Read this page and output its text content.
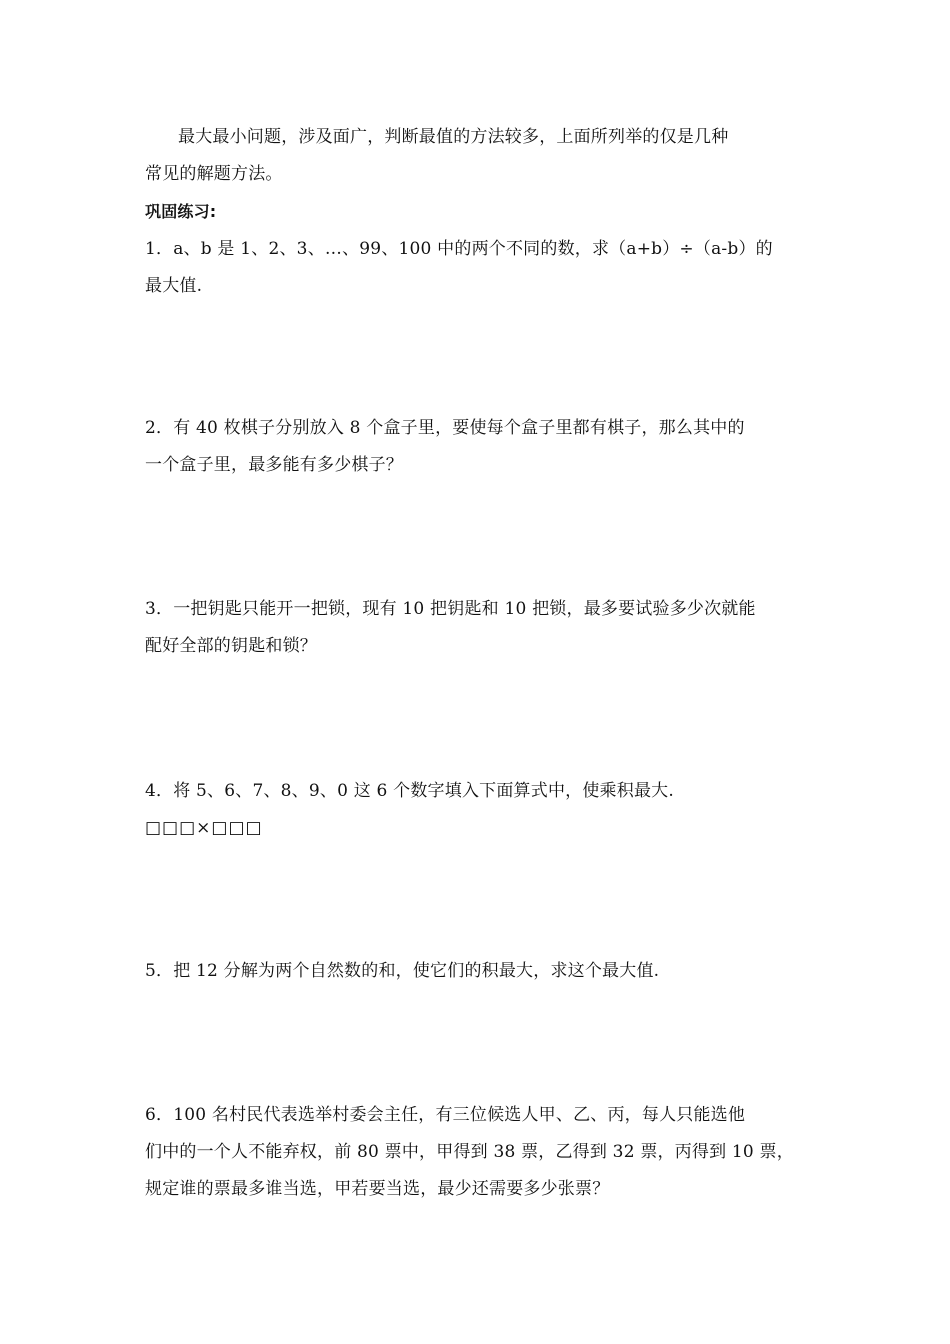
最大最小问题，涉及面广，判断最值的方法较多，上面所列举的仅是几种
常见的解题方法。
巩固练习:
1．a、b 是 1、2、3、…、99、100 中的两个不同的数，求（a+b）÷（a-b）的
最大值.
2．有 40 枚棋子分别放入 8 个盒子里，要使每个盒子里都有棋子，那么其中的
一个盒子里，最多能有多少棋子？
3．一把钥匙只能开一把锁，现有 10 把钥匙和 10 把锁，最多要试验多少次就能
配好全部的钥匙和锁？
4．将 5、6、7、8、9、0 这 6 个数字填入下面算式中，使乘积最大.
□□□×□□□
5．把 12 分解为两个自然数的和，使它们的积最大，求这个最大值.
6．100 名村民代表选举村委会主任，有三位候选人甲、乙、丙，每人只能选他
们中的一个人不能弃权，前 80 票中，甲得到 38 票，乙得到 32 票，丙得到 10 票，
规定谁的票最多谁当选，甲若要当选，最少还需要多少张票？
